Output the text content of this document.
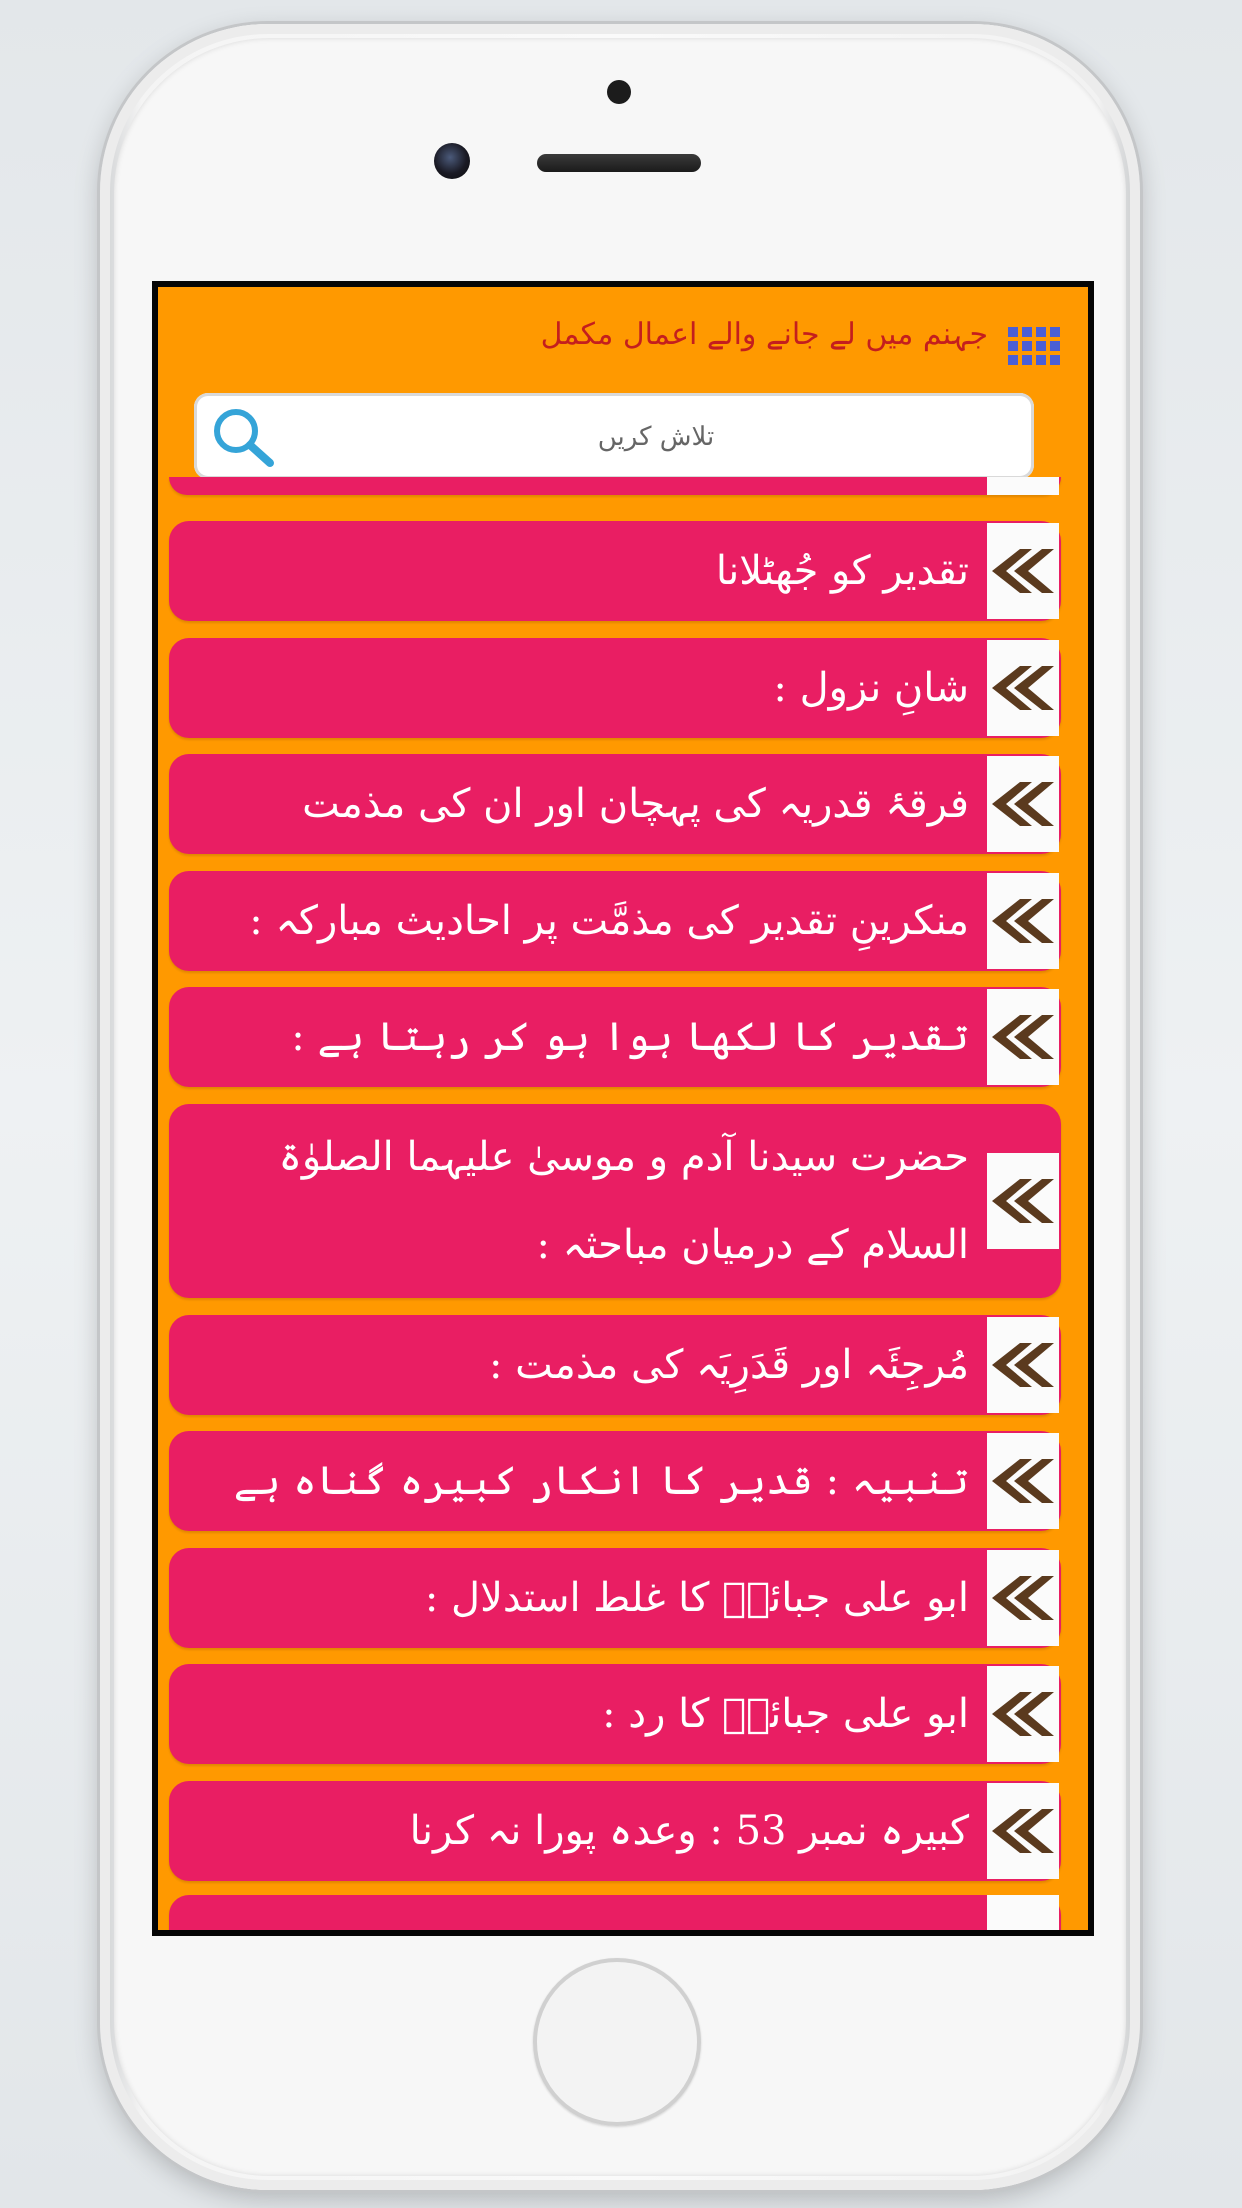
جہنم میں لے جانے والے اعمال مکمل
تلاش کریں
تقدیر کو جُھٹلانا
شانِ نزول :
فرقۂ قدریہ کی پہچان اور ان کی مذمت
منکرینِ تقدیر کی مذمَّت پر احادیث مبارکہ :
تقدیر کا لکھا ہوا ہو کر رہتا ہے :
حضرت سیدنا آدم و موسیٰ علیہما الصلوٰۃ السلام کے درمیان مباحثہ :
مُرجِئَہ اور قَدَرِیَہ کی مذمت :
تنبیہ : قدیر کا انکار کبیرہ گناہ ہے
ابو علی جبائیؔ کا غلط استدلال :
ابو علی جبائیؔ کا رد :
کبیرہ نمبر 53 : وعدہ پورا نہ کرنا
